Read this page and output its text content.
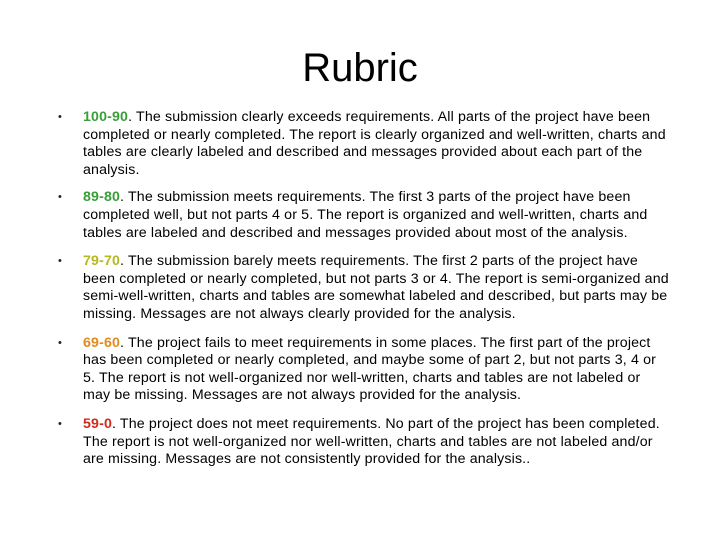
Rubric
• 100-90. The submission clearly exceeds requirements. All parts of the project have been completed or nearly completed. The report is clearly organized and well-written, charts and tables are clearly labeled and described and messages provided about each part of the analysis.
• 89-80. The submission meets requirements. The first 3 parts of the project have been completed well, but not parts 4 or 5. The report is organized and well-written, charts and tables are labeled and described and messages provided about most of the analysis.
• 79-70. The submission barely meets requirements. The first 2 parts of the project have been completed or nearly completed, but not parts 3 or 4. The report is semi-organized and semi-well-written, charts and tables are somewhat labeled and described, but parts may be missing. Messages are not always clearly provided for the analysis.
• 69-60. The project fails to meet requirements in some places. The first part of the project has been completed or nearly completed, and maybe some of part 2, but not parts 3, 4 or 5. The report is not well-organized nor well-written, charts and tables are not labeled or may be missing. Messages are not always provided for the analysis.
• 59-0. The project does not meet requirements. No part of the project has been completed. The report is not well-organized nor well-written, charts and tables are not labeled and/or are missing. Messages are not consistently provided for the analysis..
